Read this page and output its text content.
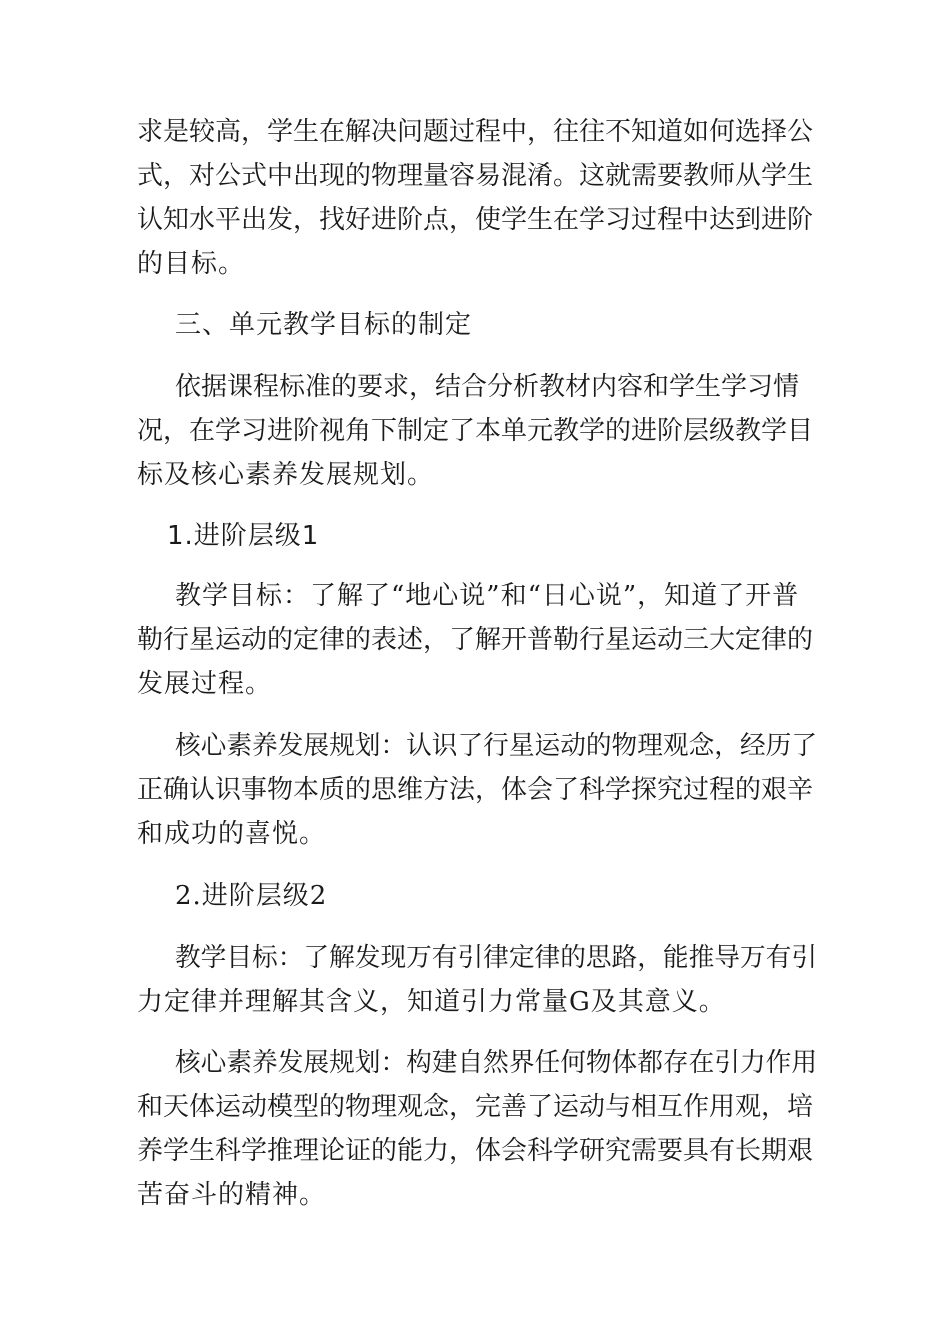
求是较高，学生在解决问题过程中，往往不知道如何选择公
式，对公式中出现的物理量容易混淆。这就需要教师从学生
认知水平出发，找好进阶点，使学生在学习过程中达到进阶
的目标。
三、单元教学目标的制定
依据课程标准的要求，结合分析教材内容和学生学习情
况，在学习进阶视角下制定了本单元教学的进阶层级教学目
标及核心素养发展规划。
1.进阶层级1
教学目标：了解了“地心说”和“日心说”，知道了开普
勒行星运动的定律的表述，了解开普勒行星运动三大定律的
发展过程。
核心素养发展规划：认识了行星运动的物理观念，经历了
正确认识事物本质的思维方法，体会了科学探究过程的艰辛
和成功的喜悦。
2.进阶层级2
教学目标：了解发现万有引律定律的思路，能推导万有引
力定律并理解其含义，知道引力常量G及其意义。
核心素养发展规划：构建自然界任何物体都存在引力作用
和天体运动模型的物理观念，完善了运动与相互作用观，培
养学生科学推理论证的能力，体会科学研究需要具有长期艰
苦奋斗的精神。
